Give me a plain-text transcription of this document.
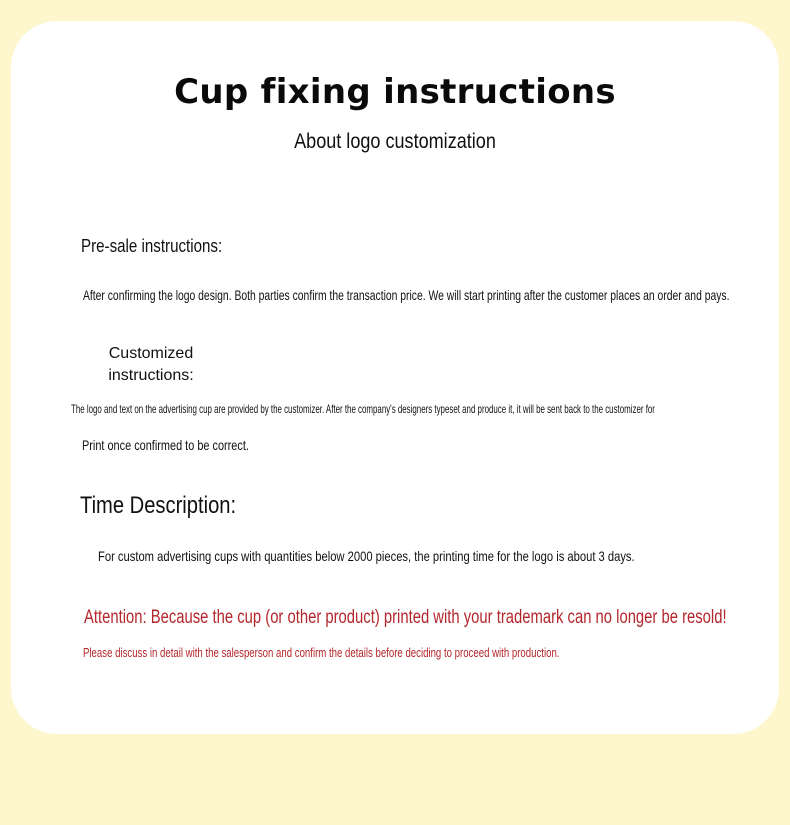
Cup fixing instructions
About logo customization
Pre-sale instructions:
After confirming the logo design. Both parties confirm the transaction price. We will start printing after the customer places an order and pays.
Customized instructions:
The logo and text on the advertising cup are provided by the customizer. After the company's designers typeset and produce it, it will be sent back to the customizer for
Print once confirmed to be correct.
Time Description:
For custom advertising cups with quantities below 2000 pieces, the printing time for the logo is about 3 days.
Attention: Because the cup (or other product) printed with your trademark can no longer be resold!
Please discuss in detail with the salesperson and confirm the details before deciding to proceed with production.
